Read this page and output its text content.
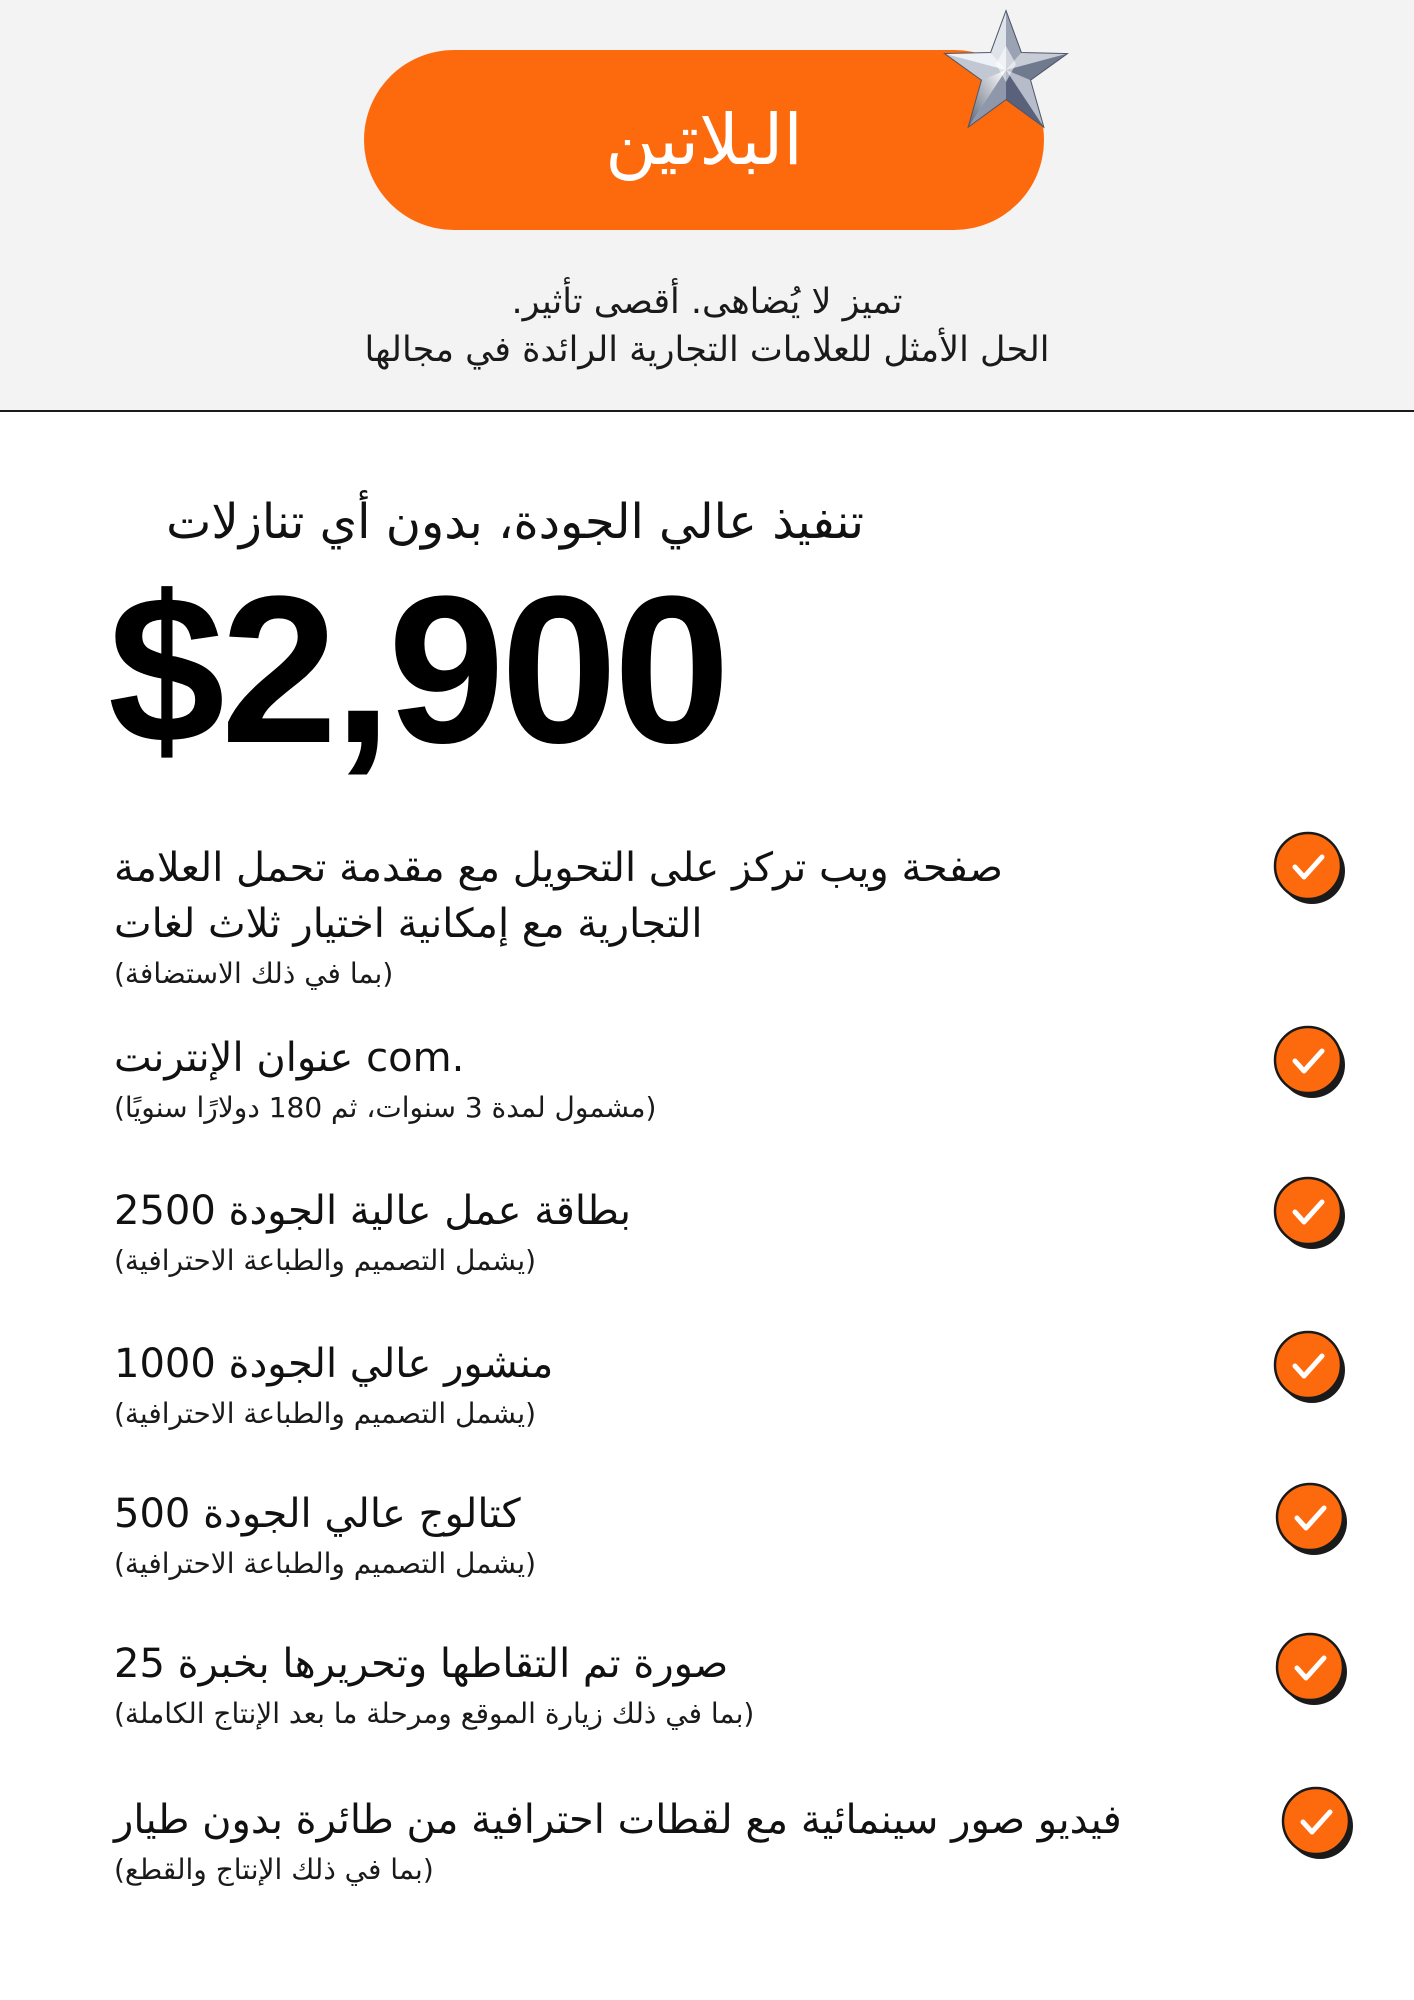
البلاتين
.تميز لا يُضاهى. أقصى تأثير
الحل الأمثل للعلامات التجارية الرائدة في مجالها
تنفيذ عالي الجودة، بدون أي تنازلات
$2,900
صفحة ويب تركز على التحويل مع مقدمة تحمل العلامة التجارية مع إمكانية اختيار ثلاث لغات
(بما في ذلك الاستضافة)
.com عنوان الإنترنت
(مشمول لمدة 3 سنوات، ثم 180 دولارًا سنويًا)
بطاقة عمل عالية الجودة 2500
(يشمل التصميم والطباعة الاحترافية)
منشور عالي الجودة 1000
(يشمل التصميم والطباعة الاحترافية)
كتالوج عالي الجودة 500
(يشمل التصميم والطباعة الاحترافية)
صورة تم التقاطها وتحريرها بخبرة 25
(بما في ذلك زيارة الموقع ومرحلة ما بعد الإنتاج الكاملة)
فيديو صور سينمائية مع لقطات احترافية من طائرة بدون طيار
(بما في ذلك الإنتاج والقطع)
